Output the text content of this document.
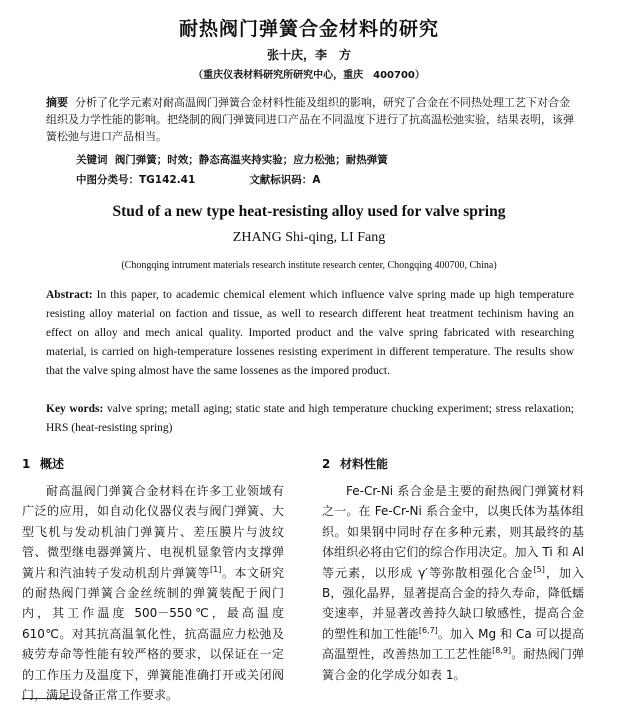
耐热阀门弹簧合金材料的研究
张十庆，李　方
（重庆仪表材料研究所研究中心，重庆　400700）
摘要 分析了化学元素对耐高温阀门弹簧合金材料性能及组织的影响，研究了合金在不同热处理工艺下对合金组织及力学性能的影响。把绕制的阀门弹簧同进口产品在不同温度下进行了抗高温松弛实验，结果表明，该弹簧松弛与进口产品相当。
关键词 阀门弹簧；时效；静态高温夹持实验；应力松弛；耐热弹簧
中图分类号：TG142.41	文献标识码：A
Stud of a new type heat-resisting alloy used for valve spring
ZHANG Shi-qing, LI Fang
(Chongqing intrument materials research institute research center, Chongqing 400700, China)
Abstract: In this paper, to academic chemical element which influence valve spring made up high temperature resisting alloy material on faction and tissue, as well to research different heat treatment techinism having an effect on alloy and mech anical quality. Imported product and the valve spring fabricated with researching material, is carried on high-temperature lossenes resisting experiment in different temperature. The results show that the valve sping almost have the same lossenes as the impored product.
Key words: valve spring; metall aging; static state and high temperature chucking experiment; stress relaxation; HRS (heat-resisting spring)
1 概述
耐高温阀门弹簧合金材料在许多工业领域有广泛的应用，如自动化仪器仪表与阀门弹簧、大型飞机与发动机油门弹簧片、差压膜片与波纹管、微型继电器弹簧片、电视机显象管内支撑弹簧片和汽油转子发动机刮片弹簧等[1]。本文研究的耐热阀门弹簧合金丝统制的弹簧装配于阀门内，其工作温度 500－550℃，最高温度 610℃。对其抗高温氧化性，抗高温应力松弛及疲劳寿命等性能有较严格的要求，以保证在一定的工作压力及温度下，弹簧能准确打开或关闭阀门，满足设备正常工作要求。
2 材料性能
Fe-Cr-Ni 系合金是主要的耐热阀门弹簧材料之一。在 Fe-Cr-Ni 系合金中，以奥氏体为基体组织。如果钢中同时存在多种元素，则其最终的基体组织必将由它们的综合作用决定。加入 Ti 和 Al 等元素，以形成 γ′等弥散相强化合金[5]，加入 B，强化晶界，显著提高合金的持久寿命，降低蠕变速率，并显著改善持久缺口敏感性，提高合金的塑性和加工性能[6,7]。加入 Mg 和 Ca 可以提高高温塑性，改善热加工工艺性能[8,9]。耐热阀门弹簧合金的化学成分如表 1。
